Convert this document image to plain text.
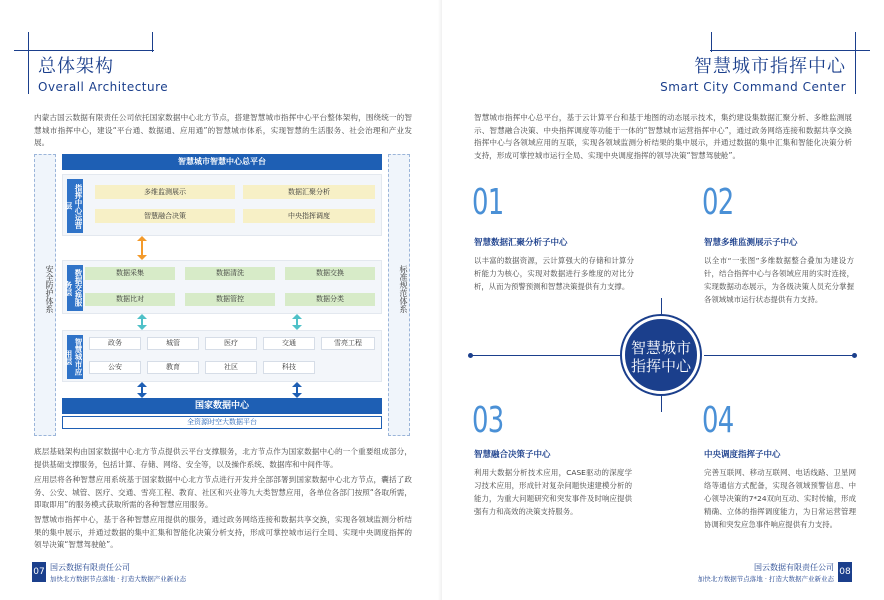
总体架构
Overall Architecture
内蒙古国云数据有限责任公司依托国家数据中心北方节点，搭建智慧城市指挥中心平台整体架构，围绕统一的智慧城市指挥中心，建设“平台通、数据通、应用通”的智慧城市体系，实现智慧的生活服务、社会治理和产业发展。
安全防护体系	标准规范体系
智慧城市智慧中心总平台
指挥中心运营层
多维监测展示	数据汇聚分析
智慧融合决策	中央指挥调度
数据交换服务层
数据采集	数据清洗	数据交换
数据比对	数据管控	数据分类
智慧城市应用层
政务	城管	医疗	交通	雪亮工程
公安	教育	社区	科技
国家数据中心
全资源时空大数据平台
底层基础架构由国家数据中心北方节点提供云平台支撑服务，北方节点作为国家数据中心的一个重要组成部分，提供基础支撑服务，包括计算、存储、网络、安全等，以及操作系统、数据库和中间件等。
应用层将各种智慧应用系统基于国家数据中心北方节点进行开发并全部部署到国家数据中心北方节点，囊括了政务、公安、城管、医疗、交通、雪亮工程、教育、社区和兴业等九大类智慧应用，各单位各部门按照“各取所需，即取即用”的服务模式获取所需的各种智慧应用服务。
智慧城市指挥中心，基于各种智慧应用提供的服务，通过政务网络连接和数据共享交换，实现各领域监测分析结果的集中展示，并通过数据的集中汇集和智能化决策分析支持，形成可掌控城市运行全局、实现中央调度指挥的领导决策“智慧驾驶舱”。
07 国云数据有限责任公司
加快北方数据节点落地 · 打造大数据产业新业态
智慧城市指挥中心
Smart City Command Center
智慧城市指挥中心总平台，基于云计算平台和基于地图的动态展示技术，集约建设集数据汇聚分析、多维监测展示、智慧融合决策、中央指挥调度等功能于一体的“智慧城市运营指挥中心”，通过政务网络连接和数据共享交换指挥中心与各领域应用的互联，实现各领域监测分析结果的集中展示，并通过数据的集中汇集和智能化决策分析支持，形成可掌控城市运行全局、实现中央调度指挥的领导决策“智慧驾驶舱”。
01
智慧数据汇聚分析子中心
以丰富的数据资源，云计算强大的存储和计算分析能力为核心，实现对数据进行多维度的对比分析，从而为预警预测和智慧决策提供有力支撑。
02
智慧多维监测展示子中心
以全市“一张图”多维数据整合叠加为建设方针，结合指挥中心与各领域应用的实时连接，实现数据动态展示，为各级决策人员充分掌握各领域城市运行状态提供有力支持。
03
智慧融合决策子中心
利用大数据分析技术应用，CASE驱动的深度学习技术应用，形成针对复杂问题快速建模分析的能力，为重大问题研究和突发事件及时响应提供强有力和高效的决策支持服务。
04
中央调度指挥子中心
完善互联网、移动互联网、电话线路、卫星网络等通信方式配备，实现各领域预警信息、中心领导决策的7*24双向互动、实时传输，形成精确、立体的指挥调度能力，为日常运营管理协调和突发应急事件响应提供有力支持。
智慧城市
指挥中心
国云数据有限责任公司
加快北方数据节点落地 · 打造大数据产业新业态
08
